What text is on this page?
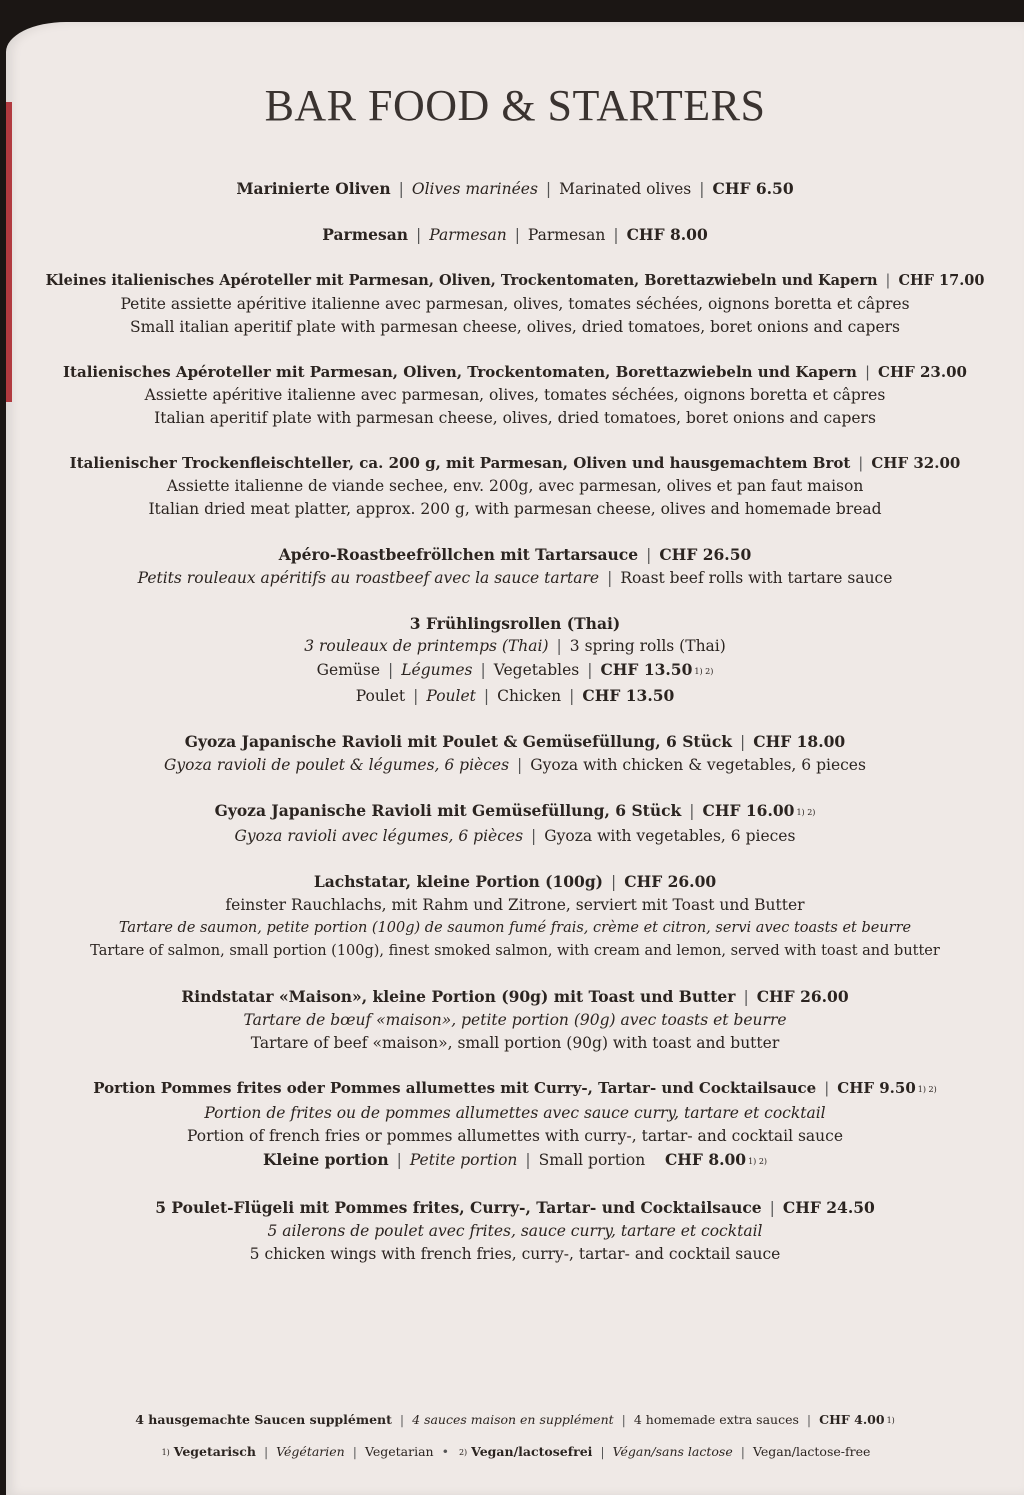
BAR FOOD & STARTERS
Marinierte Oliven | Olives marinées | Marinated olives | CHF 6.50
Parmesan | Parmesan | Parmesan | CHF 8.00
Kleines italienisches Apéroteller mit Parmesan, Oliven, Trockentomaten, Borettazwiebeln und Kapern | CHF 17.00
Petite assiette apéritive italienne avec parmesan, olives, tomates séchées, oignons boretta et câpres
Small italian aperitif plate with parmesan cheese, olives, dried tomatoes, boret onions and capers
Italienisches Apéroteller mit Parmesan, Oliven, Trockentomaten, Borettazwiebeln und Kapern | CHF 23.00
Assiette apéritive italienne avec parmesan, olives, tomates séchées, oignons boretta et câpres
Italian aperitif plate with parmesan cheese, olives, dried tomatoes, boret onions and capers
Italienischer Trockenfleischteller, ca. 200 g, mit Parmesan, Oliven und hausgemachtem Brot | CHF 32.00
Assiette italienne de viande sechee, env. 200g, avec parmesan, olives et pan faut maison
Italian dried meat platter, approx. 200 g, with parmesan cheese, olives and homemade bread
Apéro-Roastbeefröllchen mit Tartarsauce | CHF 26.50
Petits rouleaux apéritifs au roastbeef avec la sauce tartare | Roast beef rolls with tartare sauce
3 Frühlingsrollen (Thai)
3 rouleaux de printemps (Thai) | 3 spring rolls (Thai)
Gemüse | Légumes | Vegetables | CHF 13.50 $^{1) 2)}$
Poulet | Poulet | Chicken | CHF 13.50
Gyoza Japanische Ravioli mit Poulet & Gemüsefüllung, 6 Stück | CHF 18.00
Gyoza ravioli de poulet & légumes, 6 pièces | Gyoza with chicken & vegetables, 6 pieces
Gyoza Japanische Ravioli mit Gemüsefüllung, 6 Stück | CHF 16.00 $^{1) 2)}$
Gyoza ravioli avec légumes, 6 pièces | Gyoza with vegetables, 6 pieces
Lachstatar, kleine Portion (100g) | CHF 26.00
feinster Rauchlachs, mit Rahm und Zitrone, serviert mit Toast und Butter
Tartare de saumon, petite portion (100g) de saumon fumé frais, crème et citron, servi avec toasts et beurre
Tartare of salmon, small portion (100g), finest smoked salmon, with cream and lemon, served with toast and butter
Rindstatar «Maison», kleine Portion (90g) mit Toast und Butter | CHF 26.00
Tartare de bœuf «maison», petite portion (90g) avec toasts et beurre
Tartare of beef «maison», small portion (90g) with toast and butter
Portion Pommes frites oder Pommes allumettes mit Curry-, Tartar- und Cocktailsauce | CHF 9.50 $^{1) 2)}$
Portion de frites ou de pommes allumettes avec sauce curry, tartare et cocktail
Portion of french fries or pommes allumettes with curry-, tartar- and cocktail sauce
Kleine portion | Petite portion | Small portion CHF 8.00 $^{1) 2)}$
5 Poulet-Flügeli mit Pommes frites, Curry-, Tartar- und Cocktailsauce | CHF 24.50
5 ailerons de poulet avec frites, sauce curry, tartare et cocktail
5 chicken wings with french fries, curry-, tartar- and cocktail sauce
4 hausgemachte Saucen supplément | 4 sauces maison en supplément | 4 homemade extra sauces | CHF 4.00 $^{1)}$
$^{1)}$ Vegetarisch | Végétarien | Vegetarian • $^{2)}$ Vegan/lactosefrei | Végan/sans lactose | Vegan/lactose-free
